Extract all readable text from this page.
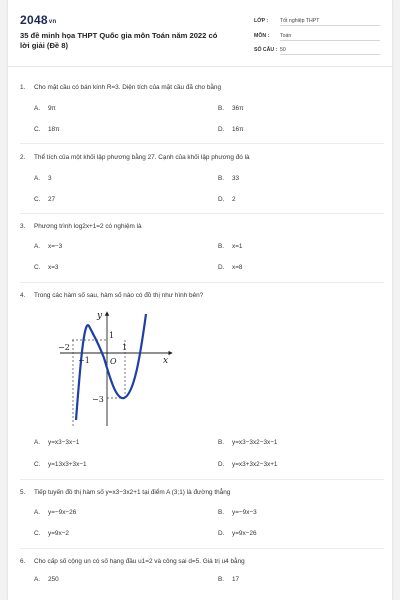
2048vn
35 đề minh họa THPT Quốc gia môn Toán năm 2022 có lời giải (Đề 8)
LỚP : Tốt nghiệp THPT
MÔN : Toán
SỐ CÂU : 50
1. Cho mặt cầu có bán kính R=3. Diện tích của mặt cầu đã cho bằng
A. 9π	B. 36π
C. 18π	D. 16π
2. Thể tích của một khối lập phương bằng 27. Cạnh của khối lập phương đó là
A. 3	B. 33
C. 27	D. 2
3. Phương trình log2x+1=2 có nghiệm là
A. x=−3	B. x=1
C. x=3	D. x=8
4. Trong các hàm số sau, hàm số nào có đồ thị như hình bên?
y
x
O
−2
−1
1
1
−3
A. y=x3−3x−1	B. y=x3−3x2−3x−1
C. y=13x3+3x−1	D. y=x3+3x2−3x+1
5. Tiếp tuyến đồ thị hàm số y=x3−3x2+1 tại điểm A (3;1) là đường thẳng
A. y=−9x−26	B. y=−9x−3
C. y=9x−2	D. y=9x−26
6. Cho cấp số cộng un có số hạng đầu u1=2 và công sai d=5. Giá trị u4 bằng
A. 250	B. 17
